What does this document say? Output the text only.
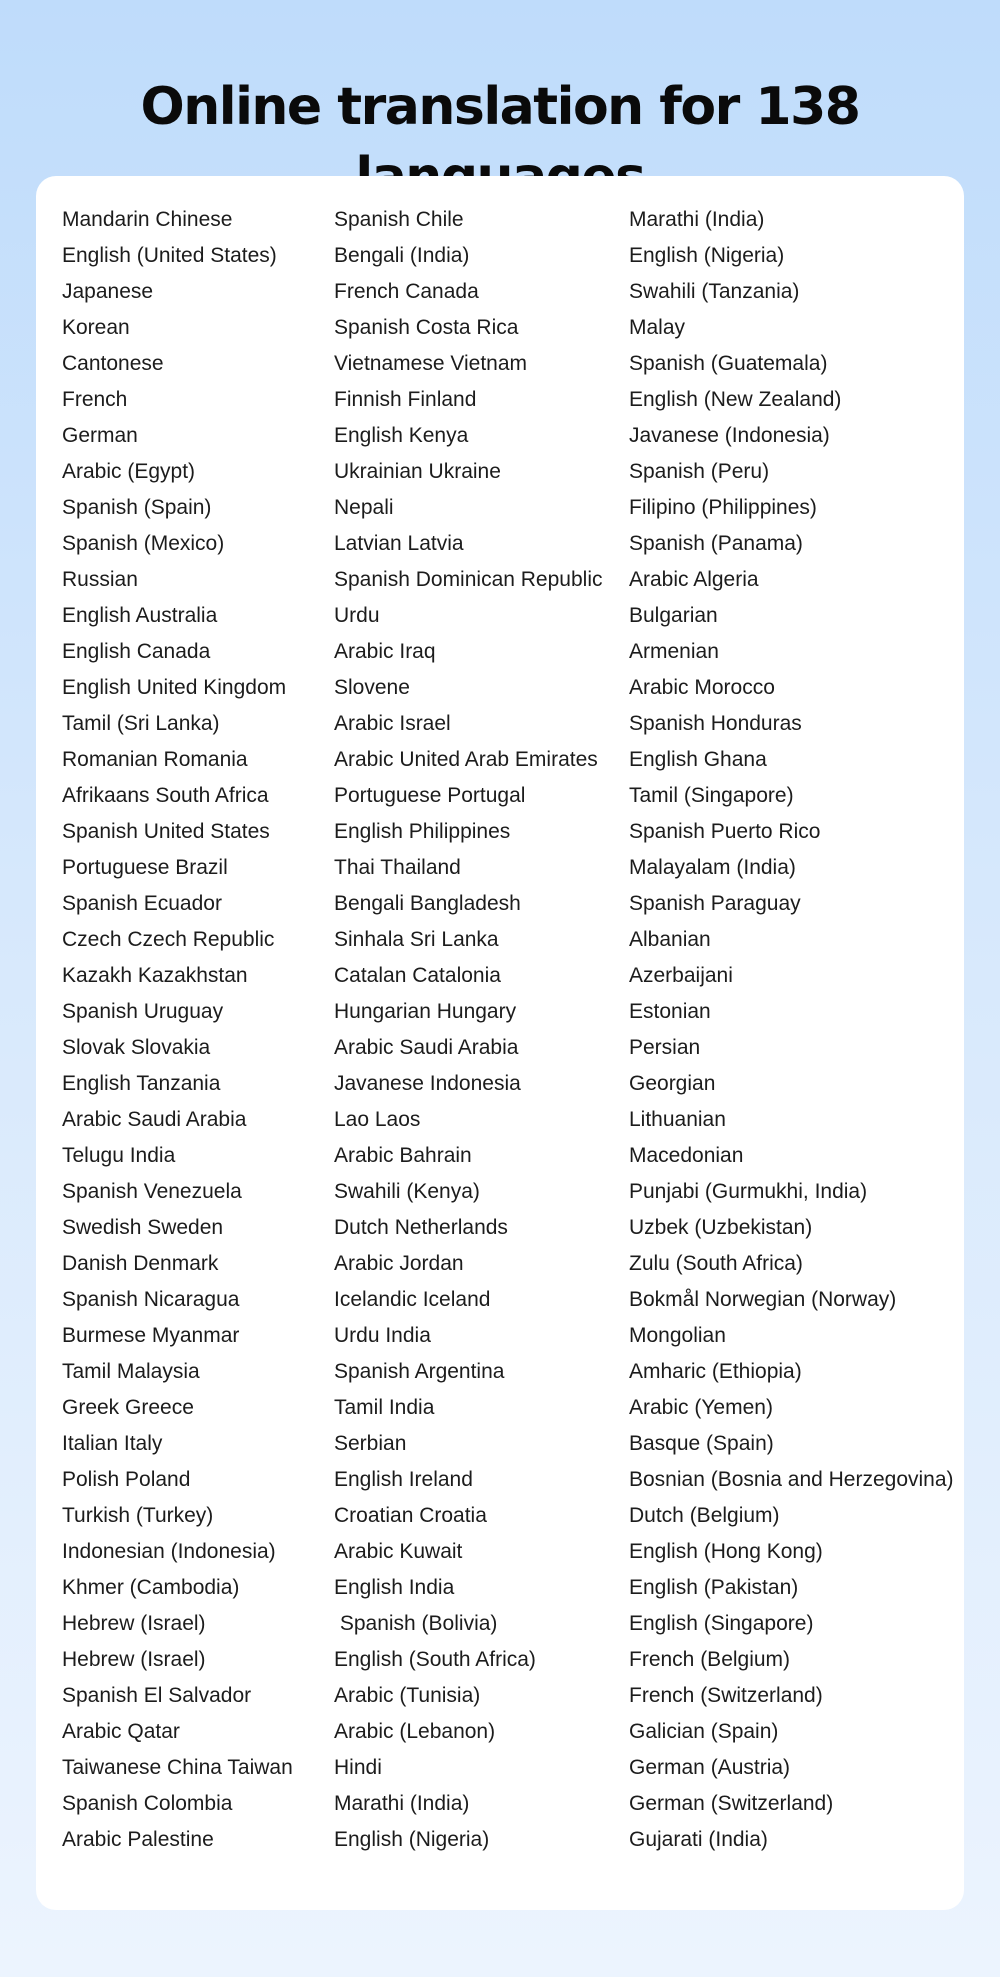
Online translation for 138
Mandarin Chinese
English (United States)
Japanese
Korean
Cantonese
French
German
Arabic (Egypt)
Spanish (Spain)
Spanish (Mexico)
Russian
English Australia
English Canada
English United Kingdom
Tamil (Sri Lanka)
Romanian Romania
Afrikaans South Africa
Spanish United States
Portuguese Brazil
Spanish Ecuador
Czech Czech Republic
Kazakh Kazakhstan
Spanish Uruguay
Slovak Slovakia
English Tanzania
Arabic Saudi Arabia
Telugu India
Spanish Venezuela
Swedish Sweden
Danish Denmark
Spanish Nicaragua
Burmese Myanmar
Tamil Malaysia
Greek Greece
Italian Italy
Polish Poland
Turkish (Turkey)
Indonesian (Indonesia)
Khmer (Cambodia)
Hebrew (Israel)
Hebrew (Israel)
Spanish El Salvador
Arabic Qatar
Taiwanese China Taiwan
Spanish Colombia
Arabic Palestine
Spanish Chile
Bengali (India)
French Canada
Spanish Costa Rica
Vietnamese Vietnam
Finnish Finland
English Kenya
Ukrainian Ukraine
Nepali
Latvian Latvia
Spanish Dominican Republic
Urdu
Arabic Iraq
Slovene
Arabic Israel
Arabic United Arab Emirates
Portuguese Portugal
English Philippines
Thai Thailand
Bengali Bangladesh
Sinhala Sri Lanka
Catalan Catalonia
Hungarian Hungary
Arabic Saudi Arabia
Javanese Indonesia
Lao Laos
Arabic Bahrain
Swahili (Kenya)
Dutch Netherlands
Arabic Jordan
Icelandic Iceland
Urdu India
Spanish Argentina
Tamil India
Serbian
English Ireland
Croatian Croatia
Arabic Kuwait
English India
Spanish (Bolivia)
English (South Africa)
Arabic (Tunisia)
Arabic (Lebanon)
Hindi
Marathi (India)
English (Nigeria)
Marathi (India)
English (Nigeria)
Swahili (Tanzania)
Malay
Spanish (Guatemala)
English (New Zealand)
Javanese (Indonesia)
Spanish (Peru)
Filipino (Philippines)
Spanish (Panama)
Arabic Algeria
Bulgarian
Armenian
Arabic Morocco
Spanish Honduras
English Ghana
Tamil (Singapore)
Spanish Puerto Rico
Malayalam (India)
Spanish Paraguay
Albanian
Azerbaijani
Estonian
Persian
Georgian
Lithuanian
Macedonian
Punjabi (Gurmukhi, India)
Uzbek (Uzbekistan)
Zulu (South Africa)
Bokmål Norwegian (Norway)
Mongolian
Amharic (Ethiopia)
Arabic (Yemen)
Basque (Spain)
Bosnian (Bosnia and Herzegovina)
Dutch (Belgium)
English (Hong Kong)
English (Pakistan)
English (Singapore)
French (Belgium)
French (Switzerland)
Galician (Spain)
German (Austria)
German (Switzerland)
Gujarati (India)
